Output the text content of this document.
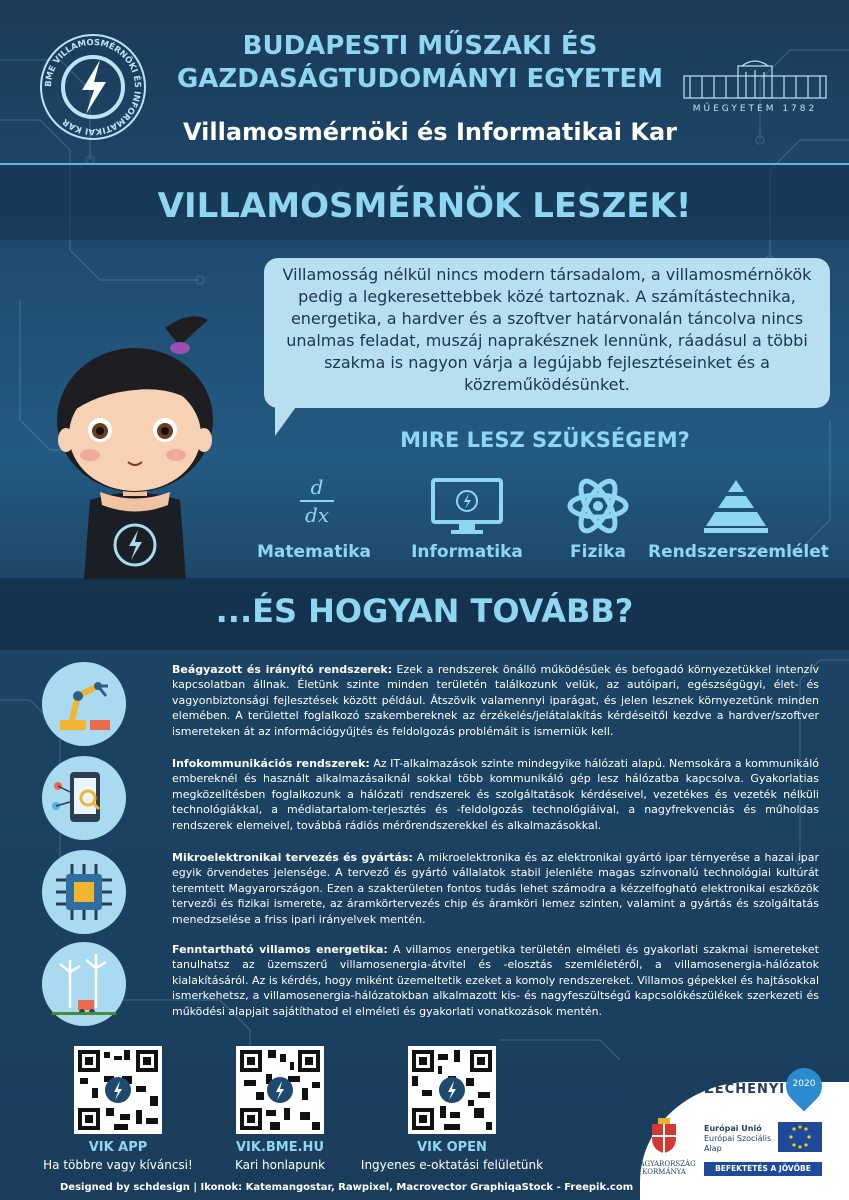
BME VILLAMOSMÉRNÖKI ÉS INFORMATIKAI KAR
BUDAPESTI MŰSZAKI ÉS
GAZDASÁGTUDOMÁNYI EGYETEM
Villamosmérnöki és Informatikai Kar
MŰEGYETEM 1782
VILLAMOSMÉRNÖK LESZEK!
Villamosság nélkül nincs modern társadalom, a villamosmérnökök pedig a legkeresettebbek közé tartoznak. A számítástechnika, energetika, a hardver és a szoftver határvonalán táncolva nincs unalmas feladat, muszáj naprakésznek lennünk, ráadásul a többi szakma is nagyon várja a legújabb fejlesztéseinket és a közreműködésünket.
MIRE LESZ SZÜKSÉGEM?
d
dx
Matematika	Informatika	Fizika	Rendszerszemlélet
...ÉS HOGYAN TOVÁBB?
Beágyazott és irányító rendszerek: Ezek a rendszerek önálló működésűek és befogadó környezetükkel intenzív kapcsolatban állnak. Életünk szinte minden területén találkozunk velük, az autóipari, egészségügyi, élet- és vagyonbiztonsági fejlesztések között például. Átszövik valamennyi iparágat, és jelen lesznek környezetünk minden elemében. A területtel foglalkozó szakembereknek az érzékelés/jelátalakítás kérdéseitől kezdve a hardver/szoftver ismereteken át az információgyűjtés és feldolgozás problémáit is ismerniük kell.
Infokommunikációs rendszerek: Az IT-alkalmazások szinte mindegyike hálózati alapú. Nemsokára a kommunikáló embereknél és használt alkalmazásaiknál sokkal több kommunikáló gép lesz hálózatba kapcsolva. Gyakorlatias megközelítésben foglalkozunk a hálózati rendszerek és szolgáltatások kérdéseivel, vezetékes és vezeték nélküli technológiákkal, a médiatartalom-terjesztés és -feldolgozás technológiáival, a nagyfrekvenciás és műholdas rendszerek elemeivel, továbbá rádiós mérőrendszerekkel és alkalmazásokkal.
Mikroelektronikai tervezés és gyártás: A mikroelektronika és az elektronikai gyártó ipar térnyerése a hazai ipar egyik örvendetes jelensége. A tervező és gyártó vállalatok stabil jelenléte magas színvonalú technológiai kultúrát teremtett Magyarországon. Ezen a szakterületen fontos tudás lehet számodra a kézzelfogható elektronikai eszközök tervezői és fizikai ismerete, az áramkörtervezés chip és áramköri lemez szinten, valamint a gyártás és szolgáltatás menedzselése a friss ipari irányelvek mentén.
Fenntartható villamos energetika: A villamos energetika területén elméleti és gyakorlati szakmai ismereteket tanulhatsz az üzemszerű villamosenergia-átvitel és -elosztás szemléletéről, a villamosenergia-hálózatok kialakításáról. Az is kérdés, hogy miként üzemeltetik ezeket a komoly rendszereket. Villamos gépekkel és hajtásokkal ismerkehetsz, a villamosenergia-hálózatokban alkalmazott kis- és nagyfeszültségű kapcsolókészülékek szerkezeti és működési alapjait sajátíthatod el elméleti és gyakorlati vonatkozások mentén.
VIK APP
Ha többre vagy kíváncsi!
VIK.BME.HU
Kari honlapunk
VIK OPEN
Ingyenes e-oktatási felületünk
SZÉCHENYI 2020
MAGYARORSZÁG
KORMÁNYA
Európai Unió
Európai Szociális
Alap
BEFEKTETÉS A JÖVŐBE
Designed by schdesign | Ikonok: Katemangostar, Rawpixel, Macrovector GraphiqaStock - Freepik.com
